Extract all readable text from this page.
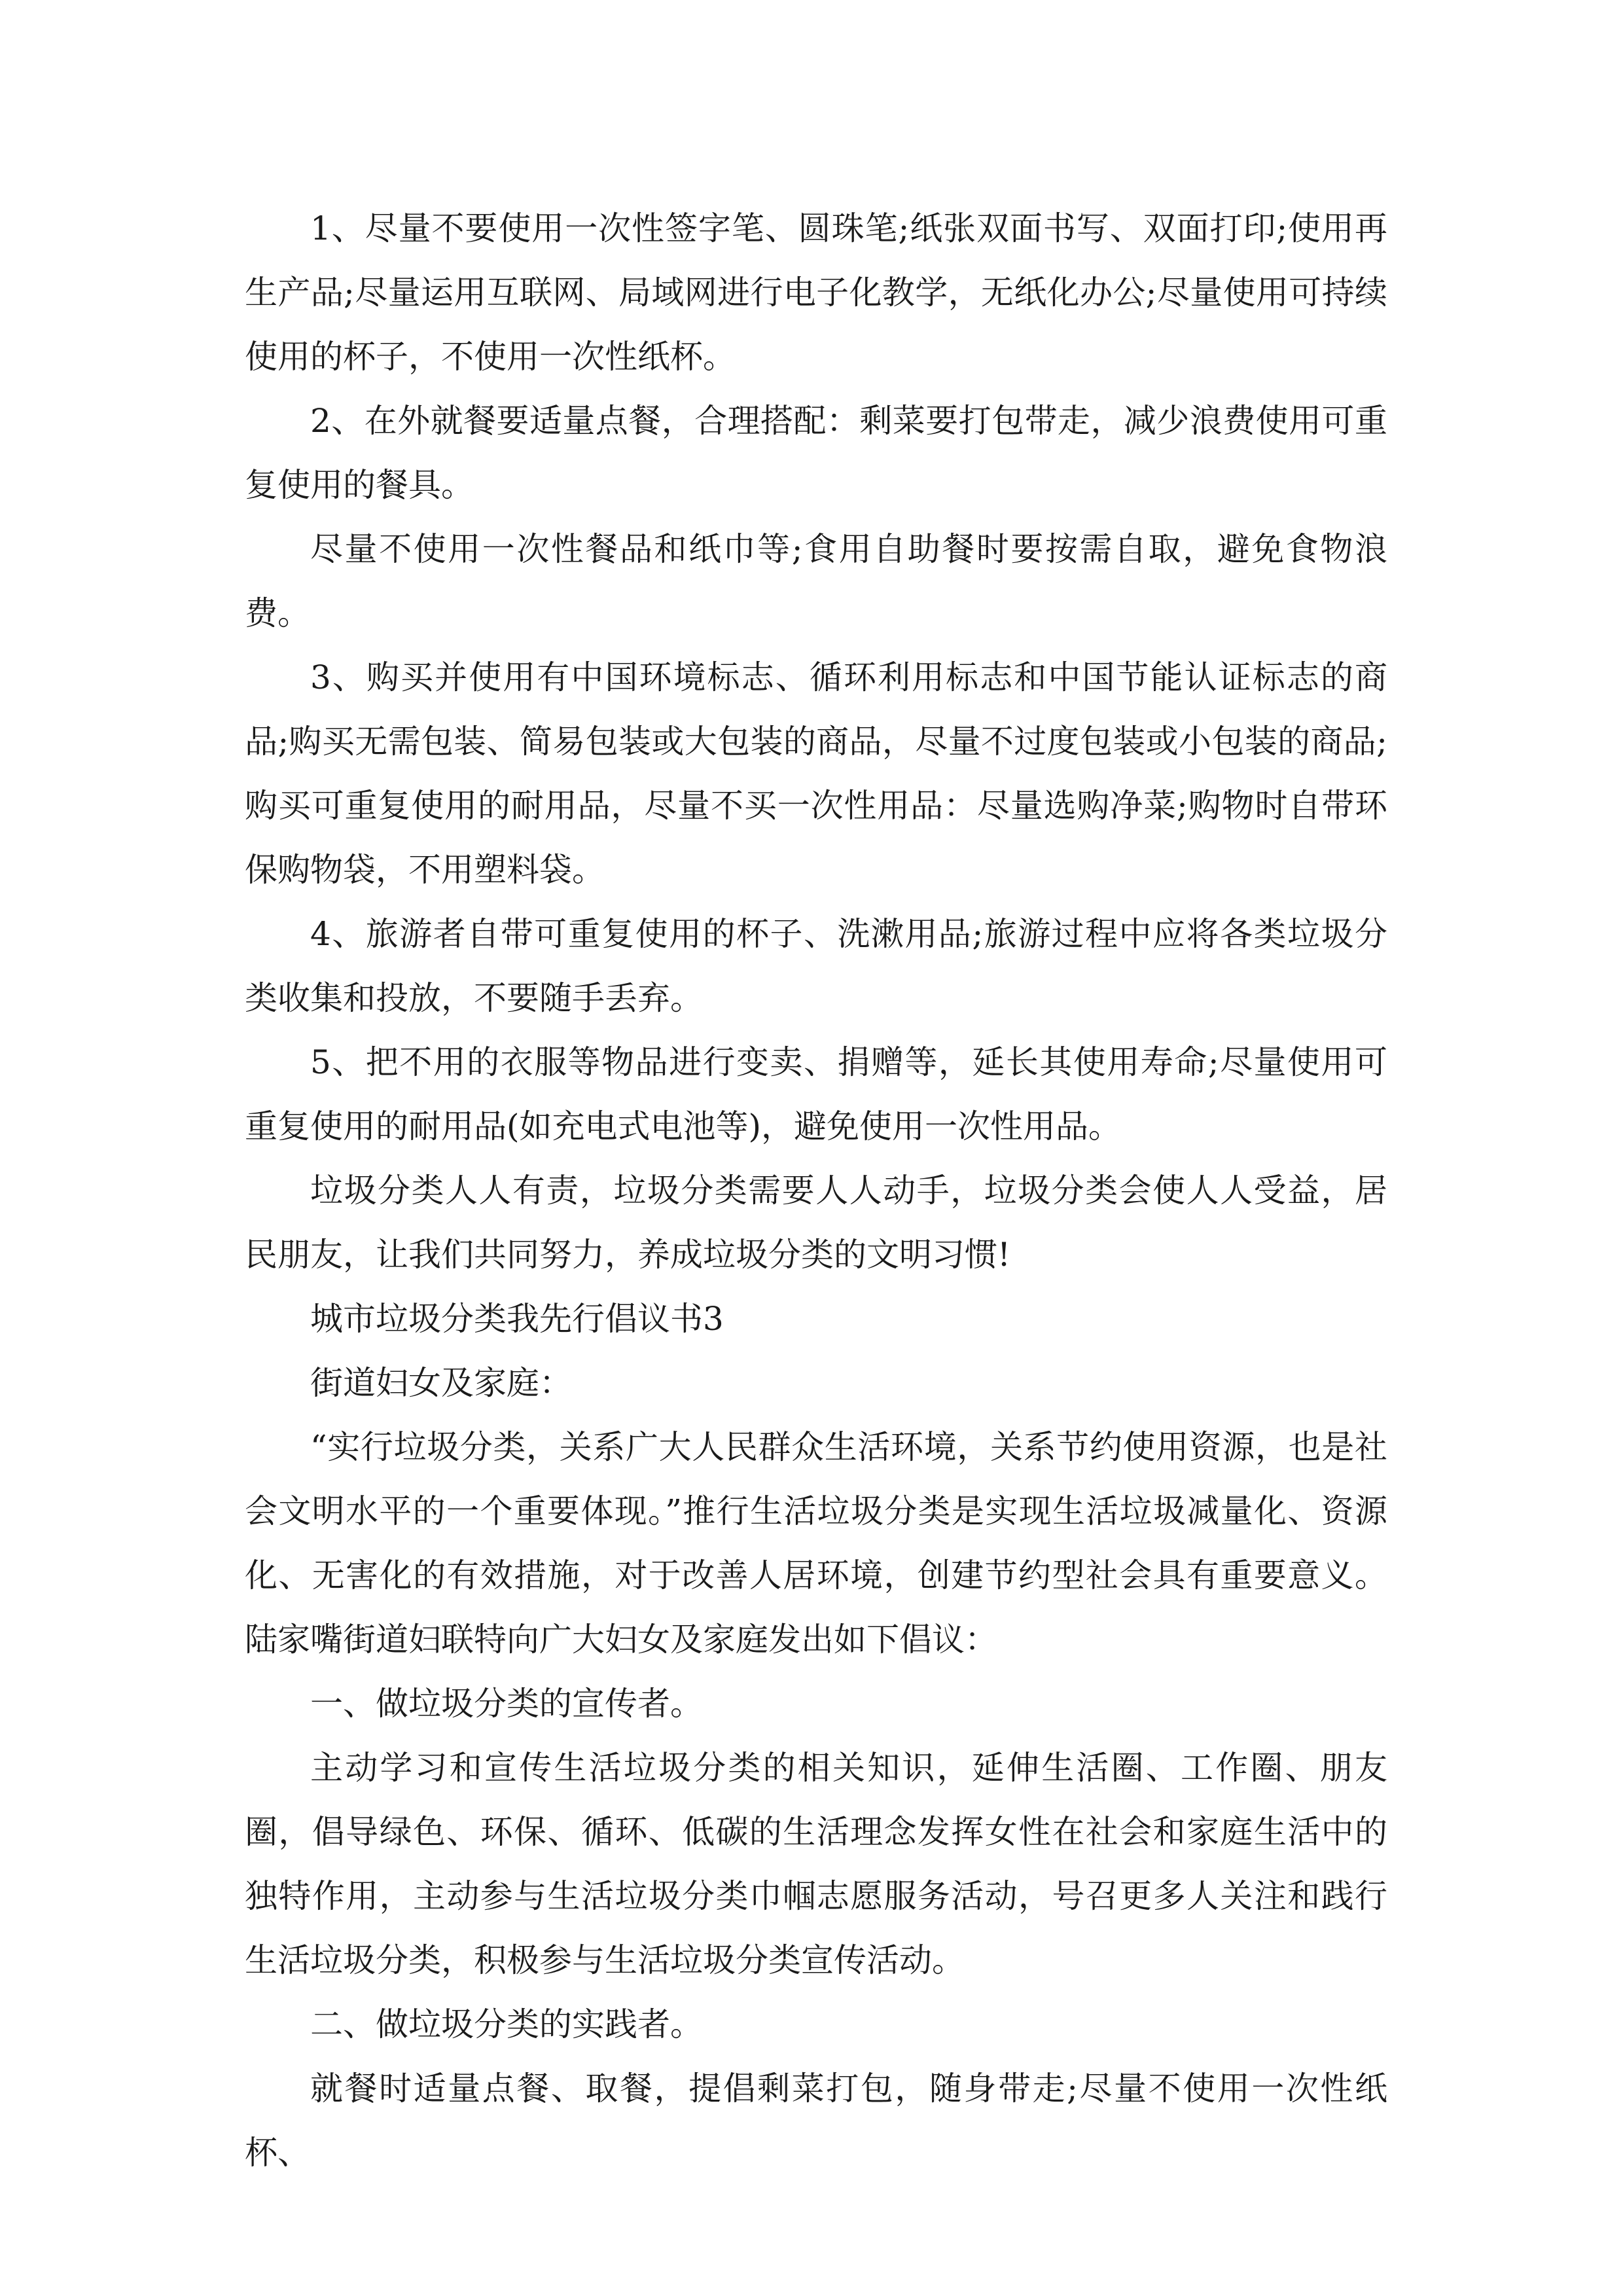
1、尽量不要使用一次性签字笔、圆珠笔;纸张双面书写、双面打印;使用再生产品;尽量运用互联网、局域网进行电子化教学，无纸化办公;尽量使用可持续使用的杯子，不使用一次性纸杯。

2、在外就餐要适量点餐，合理搭配：剩菜要打包带走，减少浪费使用可重复使用的餐具。

尽量不使用一次性餐品和纸巾等;食用自助餐时要按需自取，避免食物浪费。

3、购买并使用有中国环境标志、循环利用标志和中国节能认证标志的商品;购买无需包装、简易包装或大包装的商品，尽量不过度包装或小包装的商品;购买可重复使用的耐用品，尽量不买一次性用品：尽量选购净菜;购物时自带环保购物袋，不用塑料袋。

4、旅游者自带可重复使用的杯子、洗漱用品;旅游过程中应将各类垃圾分类收集和投放，不要随手丢弃。

5、把不用的衣服等物品进行变卖、捐赠等，延长其使用寿命;尽量使用可重复使用的耐用品(如充电式电池等)，避免使用一次性用品。

垃圾分类人人有责，垃圾分类需要人人动手，垃圾分类会使人人受益，居民朋友，让我们共同努力，养成垃圾分类的文明习惯!

城市垃圾分类我先行倡议书3

街道妇女及家庭：

“实行垃圾分类，关系广大人民群众生活环境，关系节约使用资源，也是社会文明水平的一个重要体现。”推行生活垃圾分类是实现生活垃圾减量化、资源化、无害化的有效措施，对于改善人居环境，创建节约型社会具有重要意义。陆家嘴街道妇联特向广大妇女及家庭发出如下倡议：

一、做垃圾分类的宣传者。

主动学习和宣传生活垃圾分类的相关知识，延伸生活圈、工作圈、朋友圈，倡导绿色、环保、循环、低碳的生活理念发挥女性在社会和家庭生活中的独特作用，主动参与生活垃圾分类巾帼志愿服务活动，号召更多人关注和践行生活垃圾分类，积极参与生活垃圾分类宣传活动。

二、做垃圾分类的实践者。

就餐时适量点餐、取餐，提倡剩菜打包，随身带走;尽量不使用一次性纸杯、
